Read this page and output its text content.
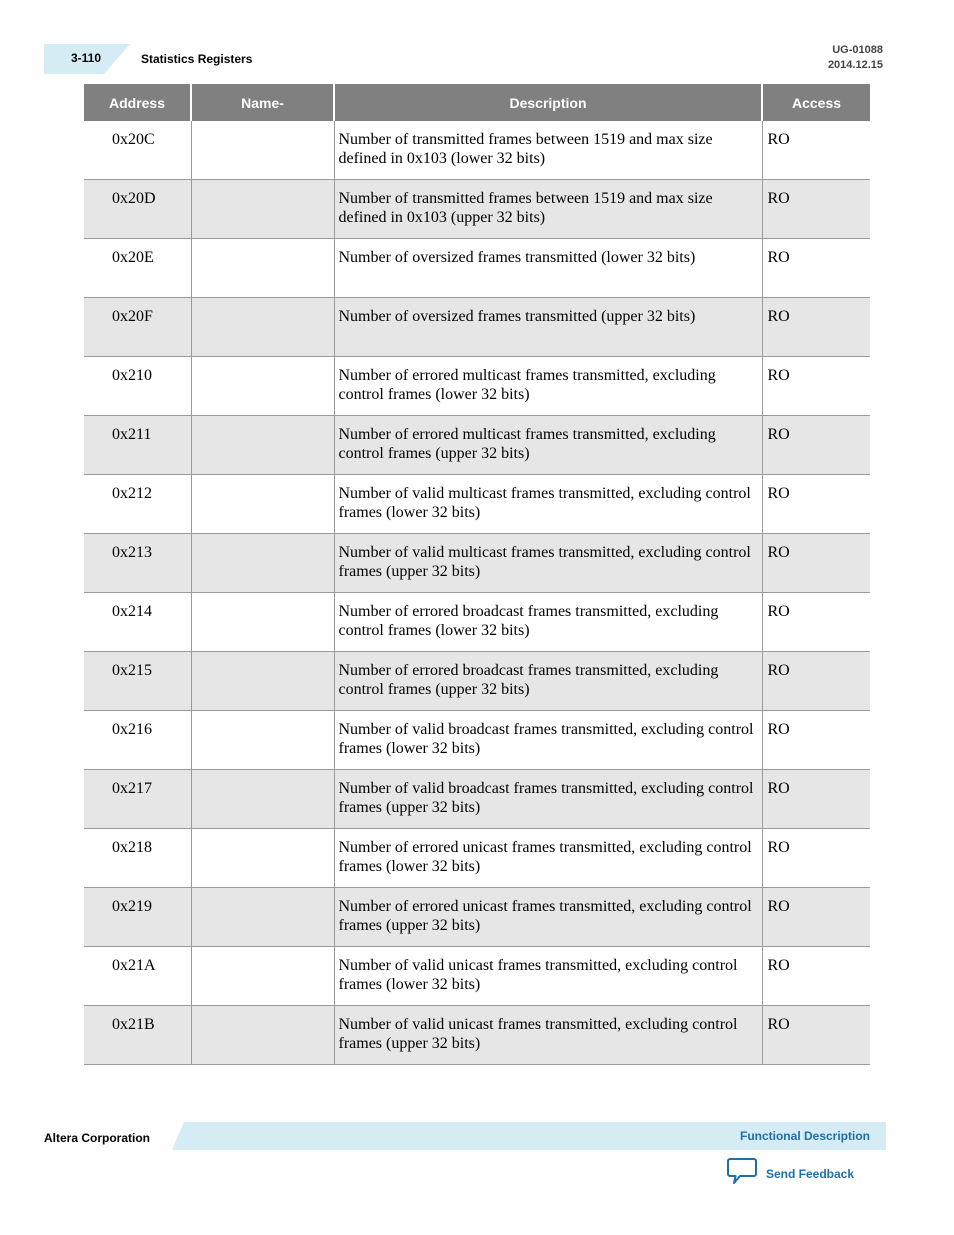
3-110	Statistics Registers
UG-01088
2014.12.15
Address	Name-	Description	Access

0x20C		Number of transmitted frames between 1519 and max size defined in 0x103 (lower 32 bits)	RO

0x20D		Number of transmitted frames between 1519 and max size defined in 0x103 (upper 32 bits)	RO

0x20E		Number of oversized frames transmitted (lower 32 bits)	RO

0x20F		Number of oversized frames transmitted (upper 32 bits)	RO

0x210		Number of errored multicast frames transmitted, excluding control frames (lower 32 bits)	RO

0x211		Number of errored multicast frames transmitted, excluding control frames (upper 32 bits)	RO

0x212		Number of valid multicast frames transmitted, excluding control frames (lower 32 bits)	RO

0x213		Number of valid multicast frames transmitted, excluding control frames (upper 32 bits)	RO

0x214		Number of errored broadcast frames transmitted, excluding control frames (lower 32 bits)	RO

0x215		Number of errored broadcast frames transmitted, excluding control frames (upper 32 bits)	RO

0x216		Number of valid broadcast frames transmitted, excluding control frames (lower 32 bits)	RO

0x217		Number of valid broadcast frames transmitted, excluding control frames (upper 32 bits)	RO

0x218		Number of errored unicast frames transmitted, excluding control frames (lower 32 bits)	RO

0x219		Number of errored unicast frames transmitted, excluding control frames (upper 32 bits)	RO

0x21A		Number of valid unicast frames transmitted, excluding control frames (lower 32 bits)	RO

0x21B		Number of valid unicast frames transmitted, excluding control frames (upper 32 bits)	RO
Altera Corporation	Functional Description
Send Feedback
